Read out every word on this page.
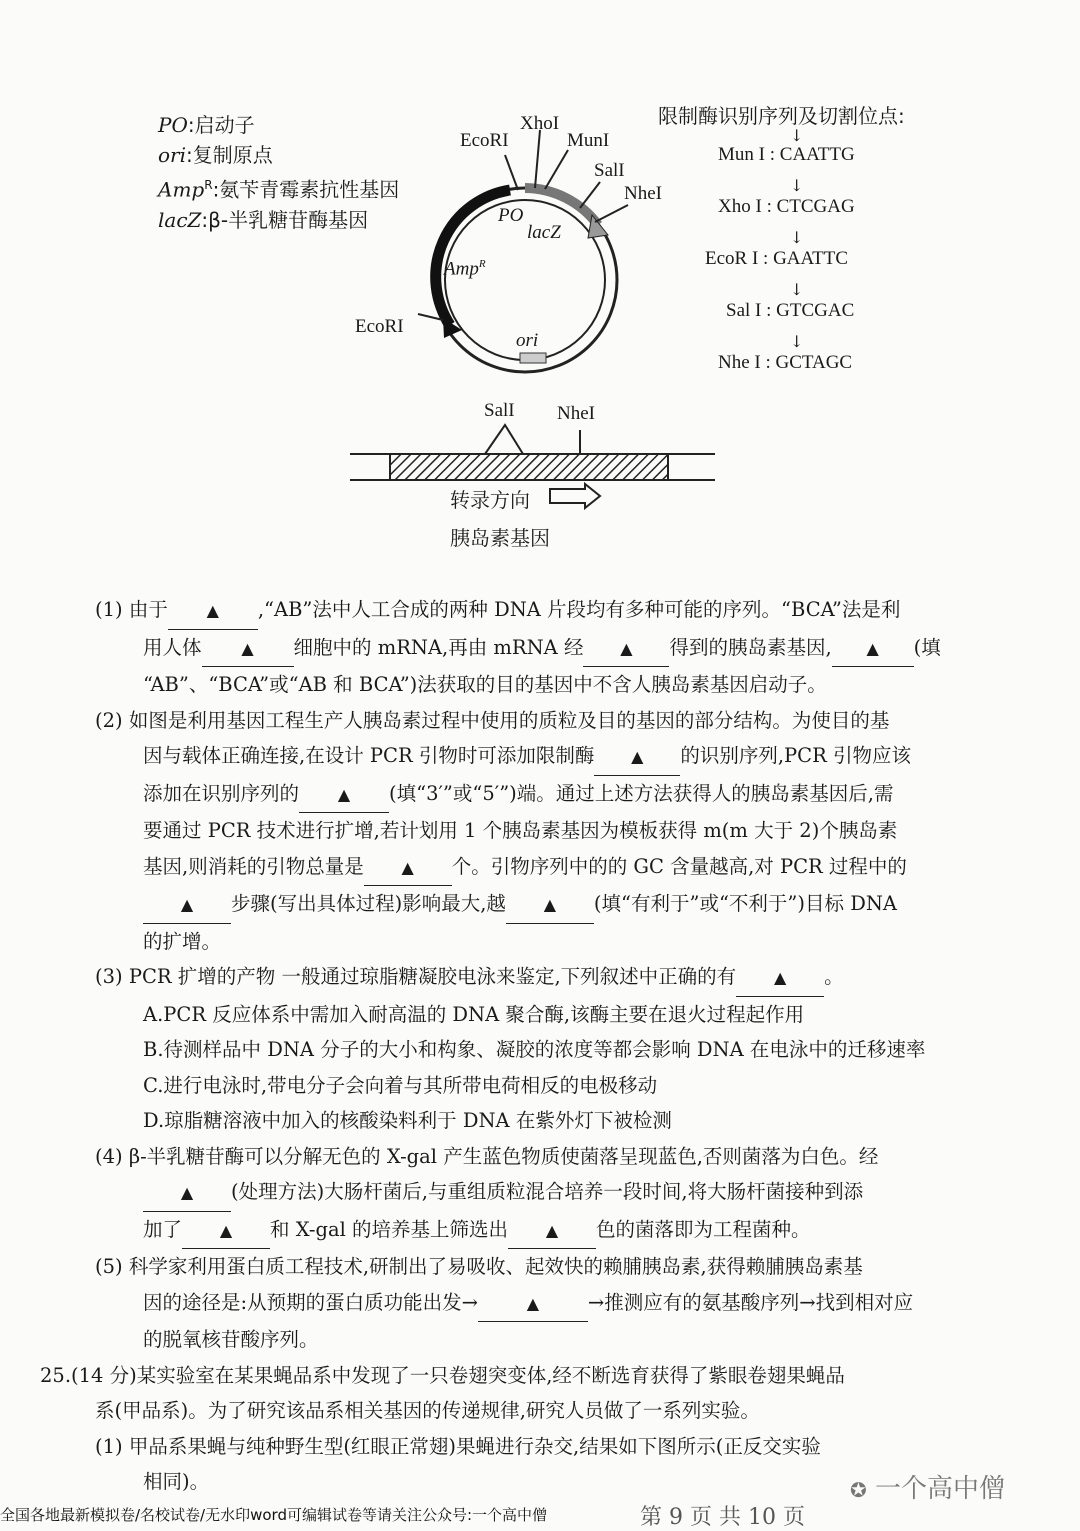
PO:启动子
ori:复制原点
Amp$^R$:氨苄青霉素抗性基因
lacZ:β-半乳糖苷酶基因
EcoRI
XhoI
MunI
SalI
NheI
EcoRI
PO
lacZ
Amp$^R$
ori
限制酶识别序列及切割位点:
↓
Mun I : CAATTG
↓
Xho I : CTCGAG
↓
EcoR I : GAATTC
↓
Sal I : GTCGAC
↓
Nhe I : GCTAGC
SalI NheI
转录方向
胰岛素基因

(1) 由于 ▲ ,“AB”法中人工合成的两种 DNA 片段均有多种可能的序列。“BCA”法是利

用人体 ▲ 细胞中的 mRNA,再由 mRNA 经 ▲ 得到的胰岛素基因, ▲ (填

“AB”、“BCA”或“AB 和 BCA”)法获取的目的基因中不含人胰岛素基因启动子。

(2) 如图是利用基因工程生产人胰岛素过程中使用的质粒及目的基因的部分结构。为使目的基

因与载体正确连接,在设计 PCR 引物时可添加限制酶 ▲ 的识别序列,PCR 引物应该

添加在识别序列的 ▲ (填“3′”或“5′”)端。通过上述方法获得人的胰岛素基因后,需

要通过 PCR 技术进行扩增,若计划用 1 个胰岛素基因为模板获得 m(m 大于 2)个胰岛素

基因,则消耗的引物总量是 ▲ 个。引物序列中的的 GC 含量越高,对 PCR 过程中的

▲ 步骤(写出具体过程)影响最大,越 ▲ (填“有利于”或“不利于”)目标 DNA

的扩增。

(3) PCR 扩增的产物 一般通过琼脂糖凝胶电泳来鉴定,下列叙述中正确的有 ▲ 。

A.PCR 反应体系中需加入耐高温的 DNA 聚合酶,该酶主要在退火过程起作用

B.待测样品中 DNA 分子的大小和构象、凝胶的浓度等都会影响 DNA 在电泳中的迁移速率

C.进行电泳时,带电分子会向着与其所带电荷相反的电极移动

D.琼脂糖溶液中加入的核酸染料利于 DNA 在紫外灯下被检测

(4) β-半乳糖苷酶可以分解无色的 X-gal 产生蓝色物质使菌落呈现蓝色,否则菌落为白色。经

▲ (处理方法)大肠杆菌后,与重组质粒混合培养一段时间,将大肠杆菌接种到添

加了 ▲ 和 X-gal 的培养基上筛选出 ▲ 色的菌落即为工程菌种。

(5) 科学家利用蛋白质工程技术,研制出了易吸收、起效快的赖脯胰岛素,获得赖脯胰岛素基

因的途径是:从预期的蛋白质功能出发→	▲	→推测应有的氨基酸序列→找到相对应

的脱氧核苷酸序列。

25.(14 分)某实验室在某果蝇品系中发现了一只卷翅突变体,经不断选育获得了紫眼卷翅果蝇品

系(甲品系)。为了研究该品系相关基因的传递规律,研究人员做了一系列实验。

(1) 甲品系果蝇与纯种野生型(红眼正常翅)果蝇进行杂交,结果如下图所示(正反交实验

相同)。	✪ 一个高中僧
第 9 页 共 10 页
全国各地最新模拟卷/名校试卷/无水印word可编辑试卷等请关注公众号:一个高中僧
